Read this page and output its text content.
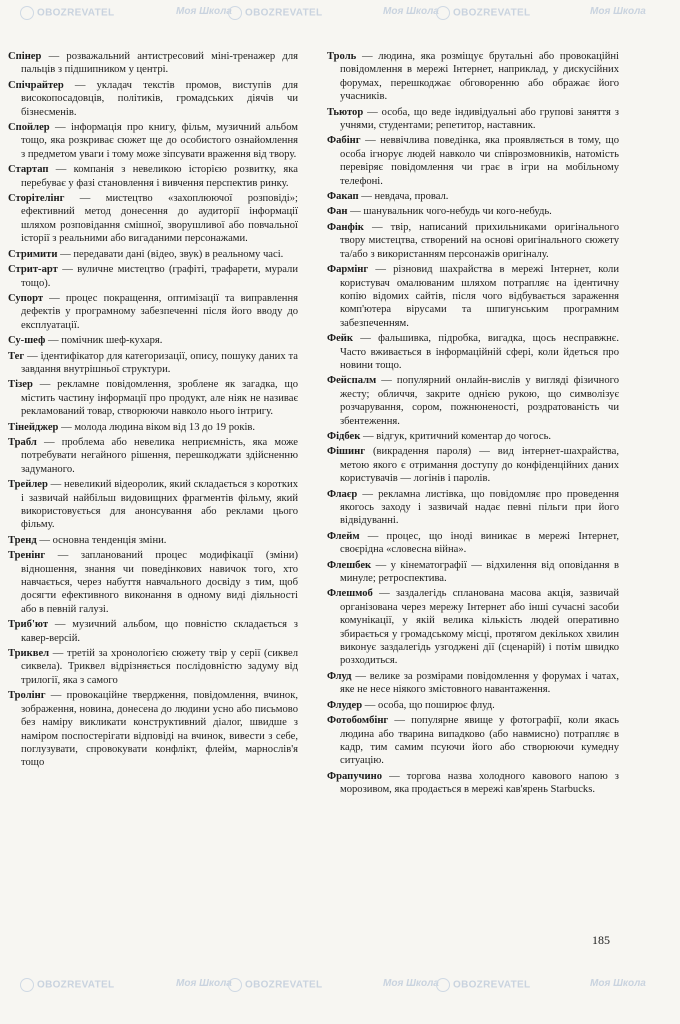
OBOZREVATEL	Моя Школа	OBOZREVATEL	Моя Школа	OBOZREVATEL	Моя Школа
OBOZREVATEL	Моя Школа	OBOZREVATEL	Моя Школа	OBOZREVATEL	Моя Школа

Спінер — розважальний антистресовий міні-тренажер для пальців з підшипником у центрі.

Спічрайтер — укладач текстів промов, виступів для високопосадовців, політиків, громадських діячів чи бізнесменів.

Спойлер — інформація про книгу, фільм, музичний альбом тощо, яка розкриває сюжет ще до особистого ознайомлення з предметом уваги і тому може зіпсувати враження від твору.

Стартап — компанія з невеликою історією розвитку, яка перебуває у фазі становлення і вивчення перспектив ринку.

Сторітелінг — мистецтво «захоплюючої розповіді»; ефективний метод донесення до аудиторії інформації шляхом розповідання смішної, зворушливої або повчальної історії з реальними або вигаданими персонажами.

Стримити — передавати дані (відео, звук) в реальному часі.

Стрит-арт — вуличне мистецтво (графіті, трафарети, мурали тощо).

Супорт — процес покращення, оптимізації та виправлення дефектів у програмному забезпеченні після його вводу до експлуатації.

Су-шеф — помічник шеф-кухаря.

Тег — ідентифікатор для категоризації, опису, пошуку даних та завдання внутрішньої структури.

Тізер — рекламне повідомлення, зроблене як загадка, що містить частину інформації про продукт, але ніяк не називає рекламований товар, створюючи навколо нього інтригу.

Тінейджер — молода людина віком від 13 до 19 років.

Трабл — проблема або невелика неприємність, яка може потребувати негайного рішення, перешкоджати здійсненню задуманого.

Трейлер — невеликий відеоролик, який складається з коротких і зазвичай найбільш видовищних фрагментів фільму, який використовується для анонсування або реклами цього фільму.

Тренд — основна тенденція зміни.

Тренінг — запланований процес модифікації (зміни) відношення, знання чи поведінкових навичок того, хто навчається, через набуття навчального досвіду з тим, щоб досягти ефективного виконання в одному виді діяльності або в певній галузі.

Триб'ют — музичний альбом, що повністю складається з кавер-версій.

Триквел — третій за хронологією сюжету твір у серії (сиквел сиквела). Триквел відрізняється послідовністю задуму від трилогії, яка з самого

Тролінг — провокаційне твердження, повідомлення, вчинок, зображення, новина, донесена до людини усно або письмово без наміру викликати конструктивний діалог, швидше з наміром поспостерігати відповіді на вчинок, вивести з себе, поглузувати, спровокувати конфлікт, флейм, марнослів'я тощо

Троль — людина, яка розміщує брутальні або провокаційні повідомлення в мережі Інтернет, наприклад, у дискусійних форумах, перешкоджає обговоренню або ображає його учасників.

Тьютор — особа, що веде індивідуальні або групові заняття з учнями, студентами; репетитор, наставник.

Фабінг — неввічлива поведінка, яка проявляється в тому, що особа ігнорує людей навколо чи співрозмовників, натомість перевіряє повідомлення чи грає в ігри на мобільному телефоні.

Факап — невдача, провал.

Фан — шанувальник чого-небудь чи кого-небудь.

Фанфік — твір, написаний прихильниками оригінального твору мистецтва, створений на основі оригінального сюжету та/або з використанням персонажів оригіналу.

Фармінг — різновид шахрайства в мережі Інтернет, коли користувач омалюваним шляхом потрапляє на ідентичну копію відомих сайтів, після чого відбувається зараження комп'ютера вірусами та шпигунським програмним забезпеченням.

Фейк — фальшивка, підробка, вигадка, щось несправжнє. Часто вживається в інформаційній сфері, коли йдеться про новини тощо.

Фейспалм — популярний онлайн-вислів у вигляді фізичного жесту; обличчя, закрите однією рукою, що символізує розчарування, сором, пожнюненості, роздратованість чи збентеження.

Фідбек — відгук, критичний коментар до чогось.

Фішинг (викрадення пароля) — вид інтернет-шахрайства, метою якого є отримання доступу до конфіденційних даних користувачів — логінів і паролів.

Флаєр — рекламна листівка, що повідомляє про проведення якогось заходу і зазвичай надає певні пільги при його відвідуванні.

Флейм — процес, що іноді виникає в мережі Інтернет, своєрідна «словесна війна».

Флешбек — у кінематографії — відхилення від оповідання в минуле; ретроспектива.

Флешмоб — заздалегідь спланована масова акція, зазвичай організована через мережу Інтернет або інші сучасні засоби комунікації, у якій велика кількість людей оперативно збирається у громадському місці, протягом декількох хвилин виконує заздалегідь узгоджені дії (сценарій) і потім швидко розходиться.

Флуд — велике за розмірами повідомлення у форумах і чатах, яке не несе ніякого змістовного навантаження.

Флудер — особа, що поширює флуд.

Фотобомбінг — популярне явище у фотографії, коли якась людина або тварина випадково (або навмисно) потрапляє в кадр, тим самим псуючи його або створюючи кумедну ситуацію.

Фрапучино — торгова назва холодного кавового напою з морозивом, яка продається в мережі кав'ярень Starbucks.

185
